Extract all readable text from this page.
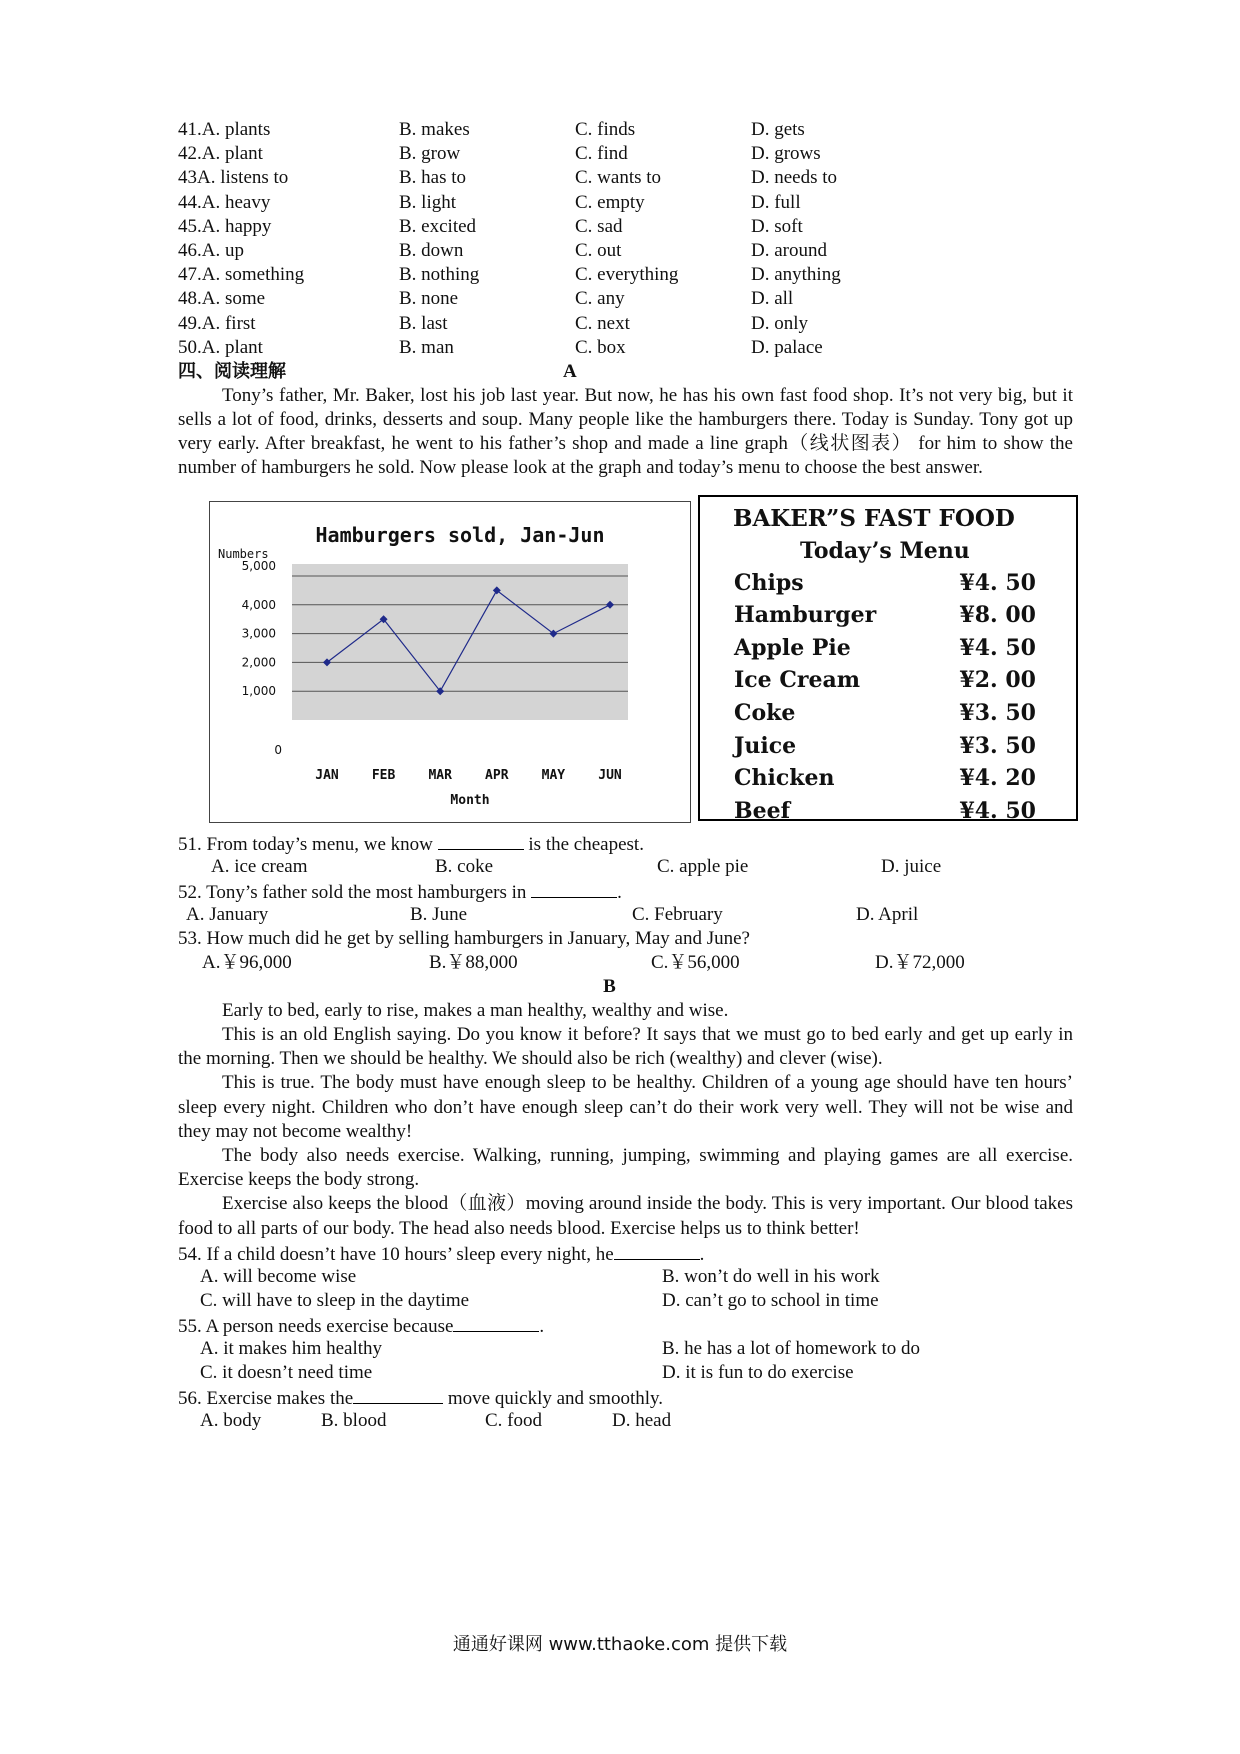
41.A. plants	B. makes	C. finds	D. gets
42.A. plant	B. grow	C. find	D. grows
43A. listens to	B. has to	C. wants to	D. needs to
44.A. heavy	B. light	C. empty	D. full
45.A. happy	B. excited	C. sad	D. soft
46.A. up	B. down	C. out	D. around
47.A. something	B. nothing	C. everything	D. anything
48.A. some	B. none	C. any	D. all
49.A. first	B. last	C. next	D. only
50.A. plant	B. man	C. box	D. palace
四、阅读理解	A

Tony’s father, Mr. Baker, lost his job last year. But now, he has his own fast food shop. It’s not very big, but it sells a lot of food, drinks, desserts and soup. Many people like the hamburgers there. Today is Sunday. Tony got up very early. After breakfast, he went to his father’s shop and made a line graph（线状图表） for him to show the number of hamburgers he sold. Now please look at the graph and today’s menu to choose the best answer.

Hamburgers sold, Jan-Jun
Numbers
0
1,000
2,000
3,000
4,000
5,000
JAN	FEB	MAR	APR	MAY	JUN
Month
BAKER”S FAST FOOD
Today’s Menu
Chips	¥4. 50
Hamburger	¥8. 00
Apple Pie	¥4. 50
Ice Cream	¥2. 00
Coke	¥3. 50
Juice	¥3. 50
Chicken	¥4. 20
Beef	¥4. 50
51. From today’s menu, we know	is the cheapest.
A. ice cream	B. coke	C. apple pie	D. juice
52. Tony’s father sold the most hamburgers in	.
A. January	B. June	C. February	D. April
53. How much did he get by selling hamburgers in January, May and June?
A.￥96,000	B.￥88,000	C.￥56,000	D.￥72,000
B

Early to bed, early to rise, makes a man healthy, wealthy and wise.

This is an old English saying. Do you know it before? It says that we must go to bed early and get up early in the morning. Then we should be healthy. We should also be rich (wealthy) and clever (wise).

This is true. The body must have enough sleep to be healthy. Children of a young age should have ten hours’ sleep every night. Children who don’t have enough sleep can’t do their work very well. They will not be wise and they may not become wealthy!

The body also needs exercise. Walking, running, jumping, swimming and playing games are all exercise. Exercise keeps the body strong.

Exercise also keeps the blood（血液）moving around inside the body. This is very important. Our blood takes food to all parts of our body. The head also needs blood. Exercise helps us to think better!

54. If a child doesn’t have 10 hours’ sleep every night, he	.
A. will become wise	B. won’t do well in his work
C. will have to sleep in the daytime	D. can’t go to school in time
55. A person needs exercise because	.
A. it makes him healthy	B. he has a lot of homework to do
C. it doesn’t need time	D. it is fun to do exercise
56. Exercise makes the	move quickly and smoothly.
A. body	B. blood	C. food	D. head
通通好课网 www.tthaoke.com 提供下载
